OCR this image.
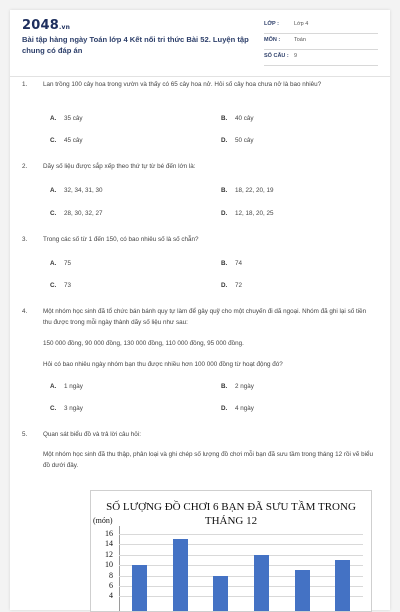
2048.vn
Bài tập hàng ngày Toán lớp 4 Kết nối tri thức Bài 52. Luyện tập chung có đáp án
LỚP :	Lớp 4
MÔN :	Toán
SỐ CÂU : 9
1. Lan trồng 100 cây hoa trong vườn và thấy có 65 cây hoa nở. Hỏi số cây hoa chưa nở là bao nhiêu?
A. 35 cây	B. 40 cây
C. 45 cây	D. 50 cây
2. Dãy số liệu được sắp xếp theo thứ tự từ bé đến lớn là:
A. 32, 34, 31, 30	B. 18, 22, 20, 19
C. 28, 30, 32, 27	D. 12, 18, 20, 25
3. Trong các số từ 1 đến 150, có bao nhiêu số là số chẵn?
A. 75	B. 74
C. 73	D. 72
4. Một nhóm học sinh đã tổ chức bán bánh quy tự làm để gây quỹ cho một chuyến đi dã ngoại. Nhóm đã ghi lại số tiền thu được trong mỗi ngày thành dãy số liệu như sau:
150 000 đồng, 90 000 đồng, 130 000 đồng, 110 000 đồng, 95 000 đồng.
Hỏi có bao nhiêu ngày nhóm bạn thu được nhiều hơn 100 000 đồng từ hoạt động đó?
A. 1 ngày	B. 2 ngày
C. 3 ngày	D. 4 ngày
5. Quan sát biểu đồ và trả lời câu hỏi:
Một nhóm học sinh đã thu thập, phân loại và ghi chép số lượng đồ chơi mỗi bạn đã sưu tầm trong tháng 12 rồi vẽ biểu đồ dưới đây.
SỐ LƯỢNG ĐỒ CHƠI 6 BẠN ĐÃ SƯU TẦM TRONG THÁNG 12
(món)
4
6
8
10
12
14
16
